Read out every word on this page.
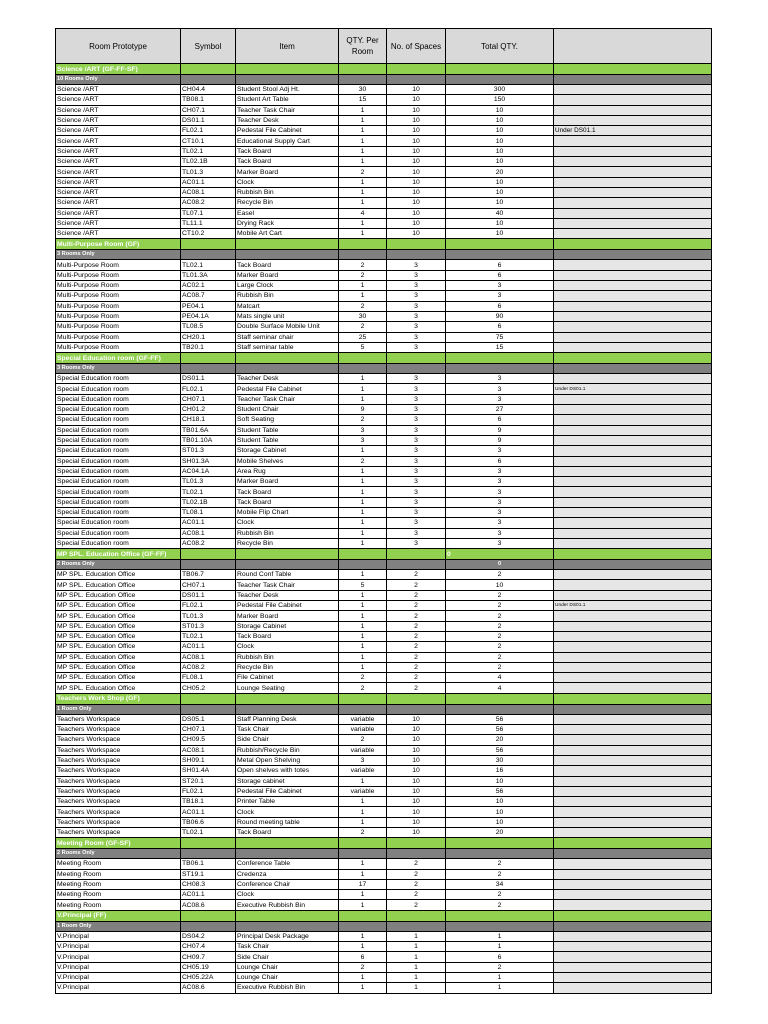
Room Prototype	Symbol	Item	QTY. Per Room	No. of Spaces	Total QTY.	
Science /ART (GF-FF-SF)						
10 Rooms Only						
Science /ART	CH04.4	Student Stool Adj Ht.	30	10	300	
Science /ART	TB08.1	Student Art Table	15	10	150	
Science /ART	CH07.1	Teacher Task Chair	1	10	10	
Science /ART	DS01.1	Teacher Desk	1	10	10	
Science /ART	FL02.1	Pedestal File Cabinet	1	10	10	Under DS01.1
Science /ART	CT10.1	Educational Supply Cart	1	10	10	
Science /ART	TL02.1	Tack Board	1	10	10	
Science /ART	TL02.1B	Tack Board	1	10	10	
Science /ART	TL01.3	Marker Board	2	10	20	
Science /ART	AC01.1	Clock	1	10	10	
Science /ART	AC08.1	Rubbish Bin	1	10	10	
Science /ART	AC08.2	Recycle Bin	1	10	10	
Science /ART	TL07.1	Easel	4	10	40	
Science /ART	TL11.1	Drying Rack	1	10	10	
Science /ART	CT10.2	Mobile Art Cart	1	10	10	
Multi-Purpose Room (GF)						
3 Rooms Only						
Multi-Purpose Room	TL02.1	Tack Board	2	3	6	
Multi-Purpose Room	TL01.3A	Marker Board	2	3	6	
Multi-Purpose Room	AC02.1	Large Clock	1	3	3	
Multi-Purpose Room	AC08.7	Rubbish Bin	1	3	3	
Multi-Purpose Room	PE04.1	Matcart	2	3	6	
Multi-Purpose Room	PE04.1A	Mats single unit	30	3	90	
Multi-Purpose Room	TL08.5	Double Surface Mobile Unit	2	3	6	
Multi-Purpose Room	CH20.1	Staff seminar chair	25	3	75	
Multi-Purpose Room	TB20.1	Staff seminar table	5	3	15	
Special Education room (GF-FF)						
3 Rooms Only						
Special Education room	DS01.1	Teacher Desk	1	3	3	
Special Education room	FL02.1	Pedestal File Cabinet	1	3	3	Under DS01.1
Special Education room	CH07.1	Teacher Task Chair	1	3	3	
Special Education room	CH01.2	Student Chair	9	3	27	
Special Education room	CH18.1	Soft Seating	2	3	6	
Special Education room	TB01.6A	Student Table	3	3	9	
Special Education room	TB01.10A	Student Table	3	3	9	
Special Education room	ST01.3	Storage Cabinet	1	3	3	
Special Education room	SH01.3A	Mobile Shelves	2	3	6	
Special Education room	AC04.1A	Area Rug	1	3	3	
Special Education room	TL01.3	Marker Board	1	3	3	
Special Education room	TL02.1	Tack Board	1	3	3	
Special Education room	TL02.1B	Tack Board	1	3	3	
Special Education room	TL08.1	Mobile Flip Chart	1	3	3	
Special Education room	AC01.1	Clock	1	3	3	
Special Education room	AC08.1	Rubbish Bin	1	3	3	
Special Education room	AC08.2	Recycle Bin	1	3	3	
MP SPL. Education Office (GF-FF)					0	
2 Rooms Only					0	
MP SPL. Education Office	TB06.7	Round Conf Table	1	2	2	
MP SPL. Education Office	CH07.1	Teacher Task Chair	5	2	10	
MP SPL. Education Office	DS01.1	Teacher Desk	1	2	2	
MP SPL. Education Office	FL02.1	Pedestal File Cabinet	1	2	2	Under DS01.1
MP SPL. Education Office	TL01.3	Marker Board	1	2	2	
MP SPL. Education Office	ST01.3	Storage Cabinet	1	2	2	
MP SPL. Education Office	TL02.1	Tack Board	1	2	2	
MP SPL. Education Office	AC01.1	Clock	1	2	2	
MP SPL. Education Office	AC08.1	Rubbish Bin	1	2	2	
MP SPL. Education Office	AC08.2	Recycle Bin	1	2	2	
MP SPL. Education Office	FL08.1	File Cabinet	2	2	4	
MP SPL. Education Office	CH05.2	Lounge Seating	2	2	4	
Teachers Work Shop (GF)						
1 Room Only						
Teachers Workspace	DS05.1	Staff Planning Desk	variable	10	56	
Teachers Workspace	CH07.1	Task Chair	variable	10	56	
Teachers Workspace	CH09.5	Side Chair	2	10	20	
Teachers Workspace	AC08.1	Rubbish/Recycle Bin	variable	10	56	
Teachers Workspace	SH09.1	Metal Open Shelving	3	10	30	
Teachers Workspace	SH01.4A	Open shelves with totes	variable	10	16	
Teachers Workspace	ST20.1	Storage cabinet	1	10	10	
Teachers Workspace	FL02.1	Pedestal File Cabinet	variable	10	56	
Teachers Workspace	TB18.1	Printer Table	1	10	10	
Teachers Workspace	AC01.1	Clock	1	10	10	
Teachers Workspace	TB06.6	Round meeting table	1	10	10	
Teachers Workspace	TL02.1	Tack Board	2	10	20	
Meeting Room (GF-SF)						
2 Rooms Only						
Meeting Room	TB06.1	Conference Table	1	2	2	
Meeting Room	ST19.1	Credenza	1	2	2	
Meeting Room	CH08.3	Conference Chair	17	2	34	
Meeting Room	AC01.1	Clock	1	2	2	
Meeting Room	AC08.6	Executive Rubbish Bin	1	2	2	
V.Principal (FF)						
1 Room Only						
V.Principal	DS04.2	Principal Desk Package	1	1	1	
V.Principal	CH07.4	Task Chair	1	1	1	
V.Principal	CH09.7	Side Chair	6	1	6	
V.Principal	CH05.19	Lounge Chair	2	1	2	
V.Principal	CH05.22A	Lounge Chair	1	1	1	
V.Principal	AC08.6	Executive Rubbish Bin	1	1	1	
